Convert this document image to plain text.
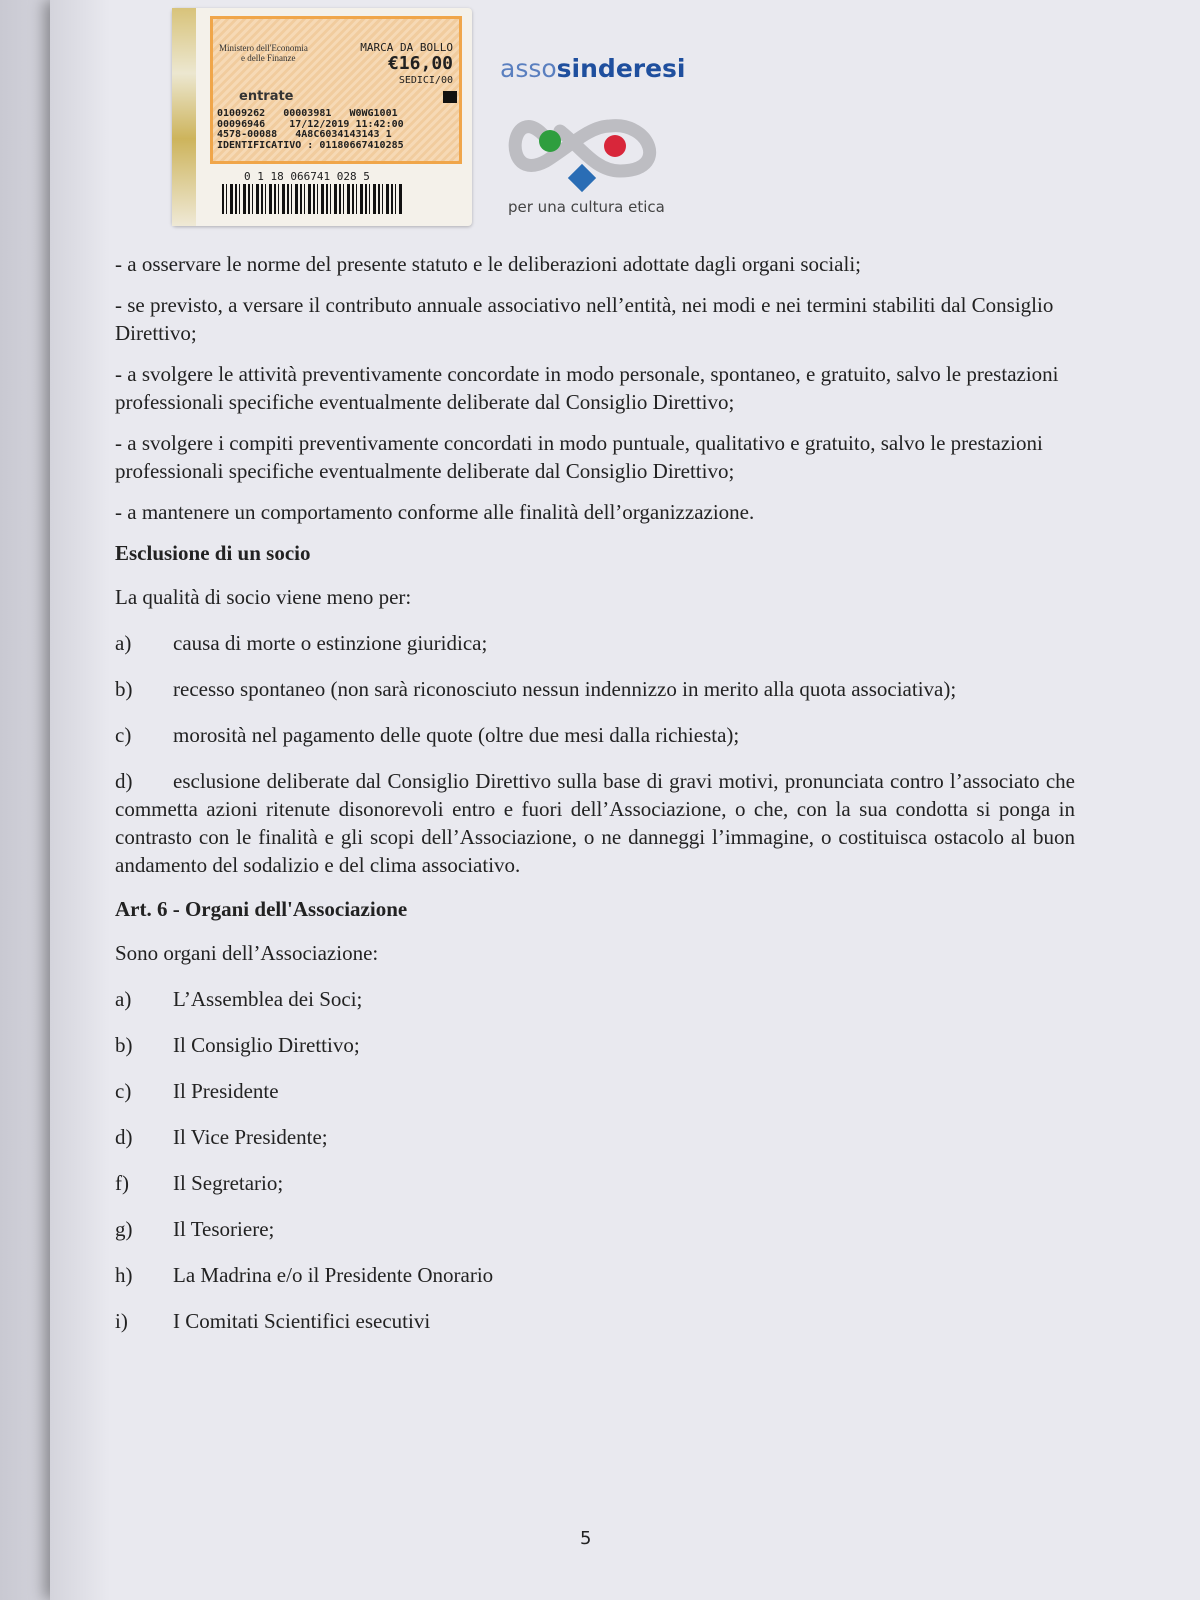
Ministero dell'Economia
e delle Finanze
MARCA DA BOLLO
€16,00
SEDICI/00
entrate
01009262   00003981   W0WG1001
00096946    17/12/2019 11:42:00
4578-00088   4A8C6034143143 1
IDENTIFICATIVO : 01180667410285
0 1 18 066741 028 5
assosinderesi
per una cultura etica

- a osservare le norme del presente statuto e le deliberazioni adottate dagli organi sociali;

- se previsto, a versare il contributo annuale associativo nell’entità, nei modi e nei termini stabiliti dal Consiglio Direttivo;

- a svolgere le attività preventivamente concordate in modo personale, spontaneo, e gratuito, salvo le prestazioni professionali specifiche eventualmente deliberate dal Consiglio Direttivo;

- a svolgere i compiti preventivamente concordati in modo puntuale, qualitativo e gratuito, salvo le prestazioni professionali specifiche eventualmente deliberate dal Consiglio Direttivo;

- a mantenere un comportamento conforme alle finalità dell’organizzazione.

Esclusione di un socio

La qualità di socio viene meno per:

a)	causa di morte o estinzione giuridica;
b)	recesso spontaneo (non sarà riconosciuto nessun indennizzo in merito alla quota associativa);
c)	morosità nel pagamento delle quote (oltre due mesi dalla richiesta);

d) esclusione deliberate dal Consiglio Direttivo sulla base di gravi motivi, pronunciata contro l’associato che commetta azioni ritenute disonorevoli entro e fuori dell’Associazione, o che, con la sua condotta si ponga in contrasto con le finalità e gli scopi dell’Associazione, o ne danneggi l’immagine, o costituisca ostacolo al buon andamento del sodalizio e del clima associativo.

Art. 6 - Organi dell'Associazione

Sono organi dell’Associazione:

a)	L’Assemblea dei Soci;
b)	Il Consiglio Direttivo;
c)	Il Presidente
d)	Il Vice Presidente;
f)	Il Segretario;
g)	Il Tesoriere;
h)	La Madrina e/o il Presidente Onorario
i)	I Comitati Scientifici esecutivi
5
